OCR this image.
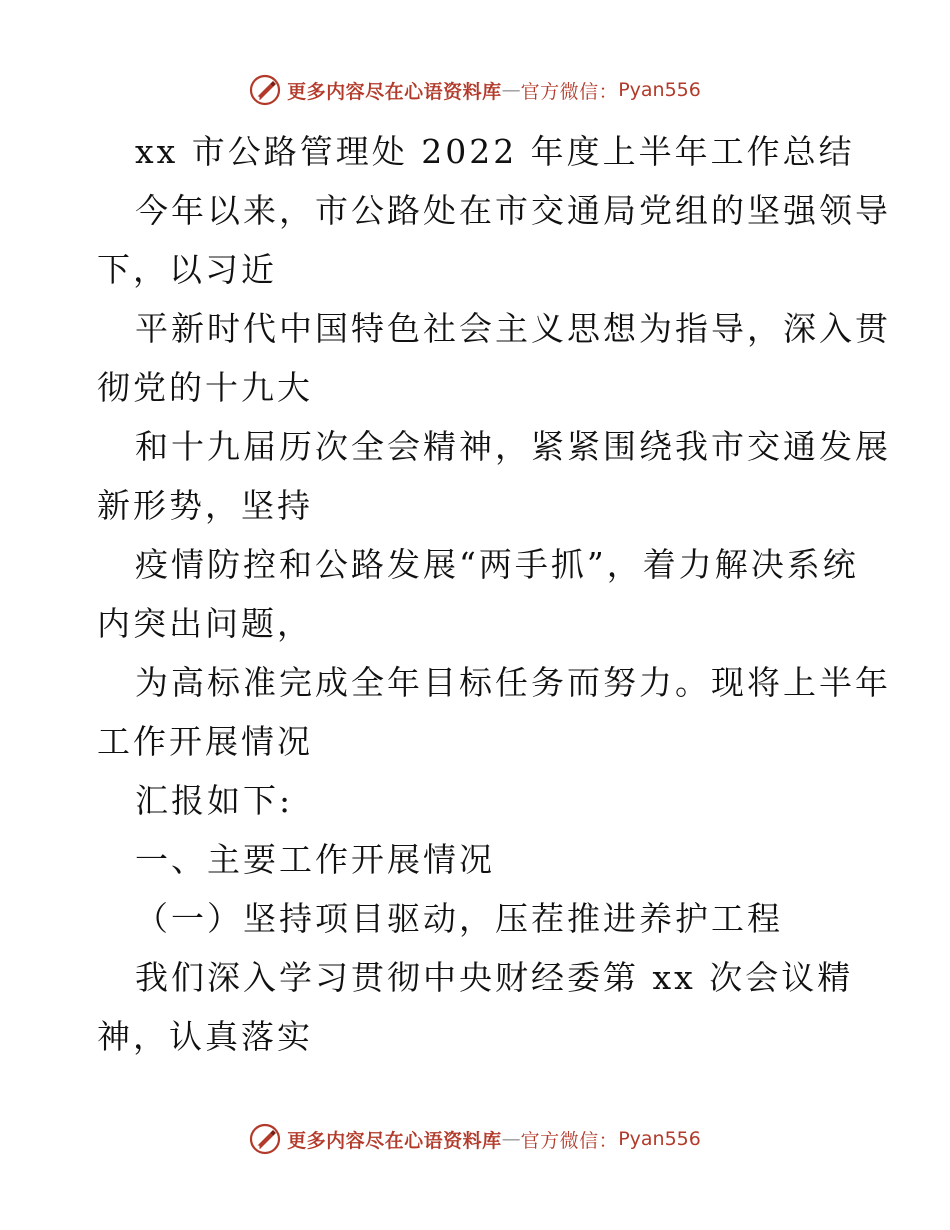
更多内容尽在心语资料库 — 官方微信： Pyan556
xx 市公路管理处 2022 年度上半年工作总结
今年以来，市公路处在市交通局党组的坚强领导
下，以习近
平新时代中国特色社会主义思想为指导，深入贯
彻党的十九大
和十九届历次全会精神，紧紧围绕我市交通发展
新形势，坚持
疫情防控和公路发展“两手抓”，着力解决系统
内突出问题，
为高标准完成全年目标任务而努力。现将上半年
工作开展情况
汇报如下:
一、主要工作开展情况
（一）坚持项目驱动，压茬推进养护工程
我们深入学习贯彻中央财经委第 xx 次会议精
神，认真落实
更多内容尽在心语资料库 — 官方微信： Pyan556
